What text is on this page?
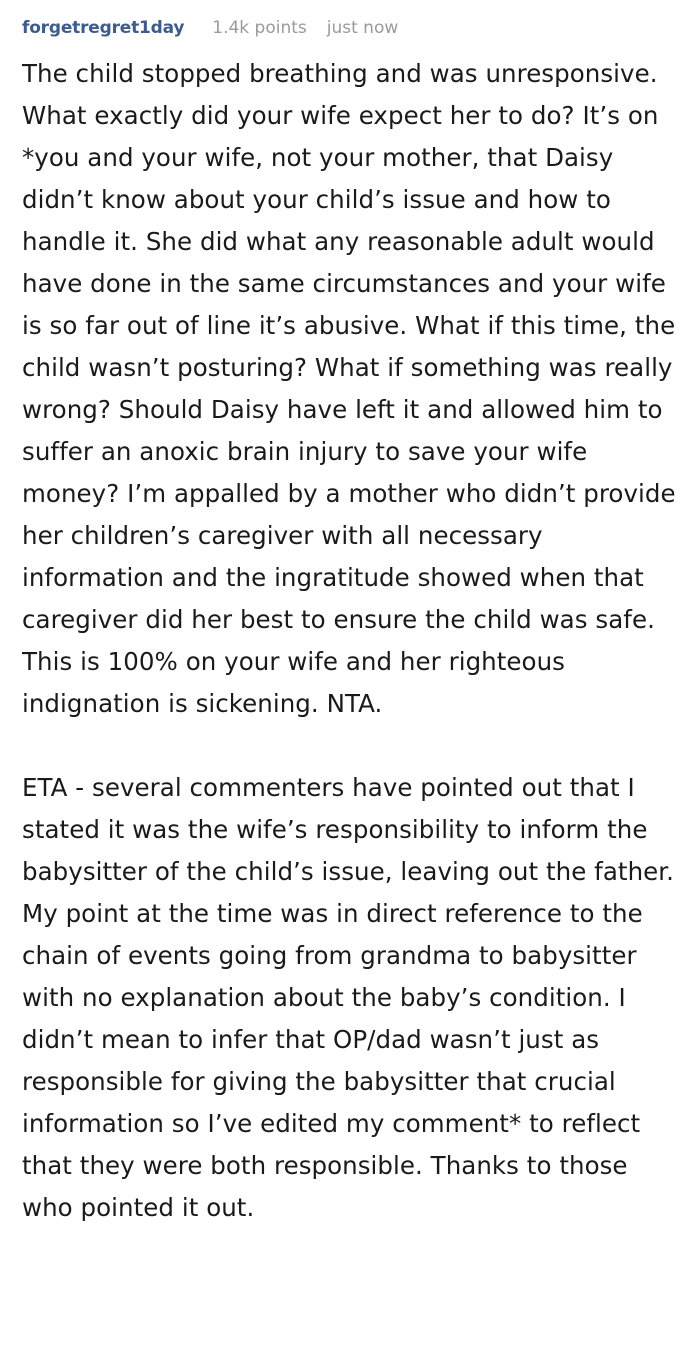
forgetregret1day 1.4k points just now

The child stopped breathing and was unresponsive. What exactly did your wife expect her to do? It’s on *you and your wife, not your mother, that Daisy didn’t know about your child’s issue and how to handle it. She did what any reasonable adult would have done in the same circumstances and your wife is so far out of line it’s abusive. What if this time, the child wasn’t posturing? What if something was really wrong? Should Daisy have left it and allowed him to suffer an anoxic brain injury to save your wife money? I’m appalled by a mother who didn’t provide her children’s caregiver with all necessary information and the ingratitude showed when that caregiver did her best to ensure the child was safe. This is 100% on your wife and her righteous indignation is sickening. NTA.

ETA - several commenters have pointed out that I stated it was the wife’s responsibility to inform the babysitter of the child’s issue, leaving out the father. My point at the time was in direct reference to the chain of events going from grandma to babysitter with no explanation about the baby’s condition. I didn’t mean to infer that OP/dad wasn’t just as responsible for giving the babysitter that crucial information so I’ve edited my comment* to reflect that they were both responsible. Thanks to those who pointed it out.
